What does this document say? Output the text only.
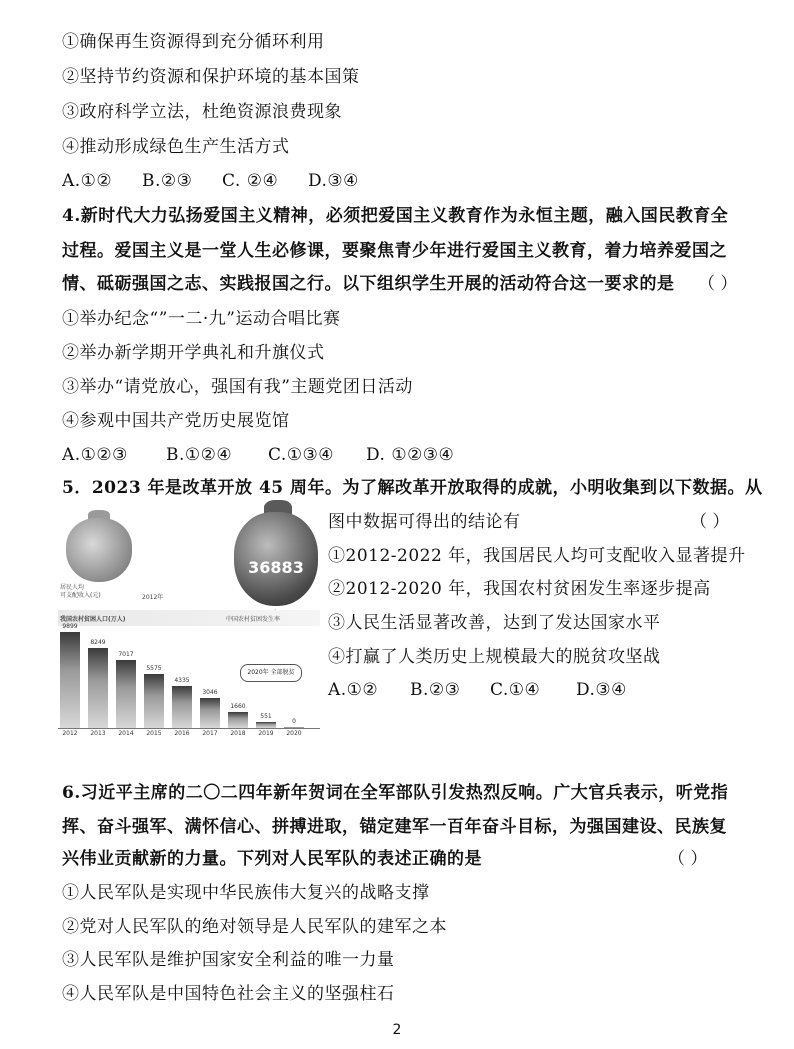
①确保再生资源得到充分循环利用
②坚持节约资源和保护环境的基本国策
③政府科学立法，杜绝资源浪费现象
④推动形成绿色生产生活方式
A.①② B.②③ C. ②④ D.③④
4.新时代大力弘扬爱国主义精神，必须把爱国主义教育作为永恒主题，融入国民教育全
过程。爱国主义是一堂人生必修课，要聚焦青少年进行爱国主义教育，着力培养爱国之
情、砥砺强国之志、实践报国之行。以下组织学生开展的活动符合这一要求的是 （ ）
①举办纪念“”一二·九”运动合唱比赛
②举办新学期开学典礼和升旗仪式
③举办“请党放心，强国有我”主题党团日活动
④参观中国共产党历史展览馆
A.①②③ B.①②④ C.①③④ D. ①②③④
5．2023 年是改革开放 45 周年。为了解改革开放取得的成就，小明收集到以下数据。从
图中数据可得出的结论有	（ ）
①2012-2022 年，我国居民人均可支配收入显著提升
②2012-2020 年，我国农村贫困发生率逐步提高
③人民生活显著改善，达到了发达国家水平
④打赢了人类历史上规模最大的脱贫攻坚战
A.①② B.②③ C.①④ D.③④
居民人均
可支配收入(元)	2012年
36883
我国农村贫困人口(万人)	中国农村贫困发生率
9899
2012
8249
2013
7017
2014
5575
2015
4335
2016
3046
2017
1660
2018
551
2019
0
2020
2020年 全部脱贫
6.习近平主席的二〇二四年新年贺词在全军部队引发热烈反响。广大官兵表示，听党指
挥、奋斗强军、满怀信心、拼搏进取，锚定建军一百年奋斗目标，为强国建设、民族复
兴伟业贡献新的力量。下列对人民军队的表述正确的是	（ ）
①人民军队是实现中华民族伟大复兴的战略支撑
②党对人民军队的绝对领导是人民军队的建军之本
③人民军队是维护国家安全利益的唯一力量
④人民军队是中国特色社会主义的坚强柱石
2
